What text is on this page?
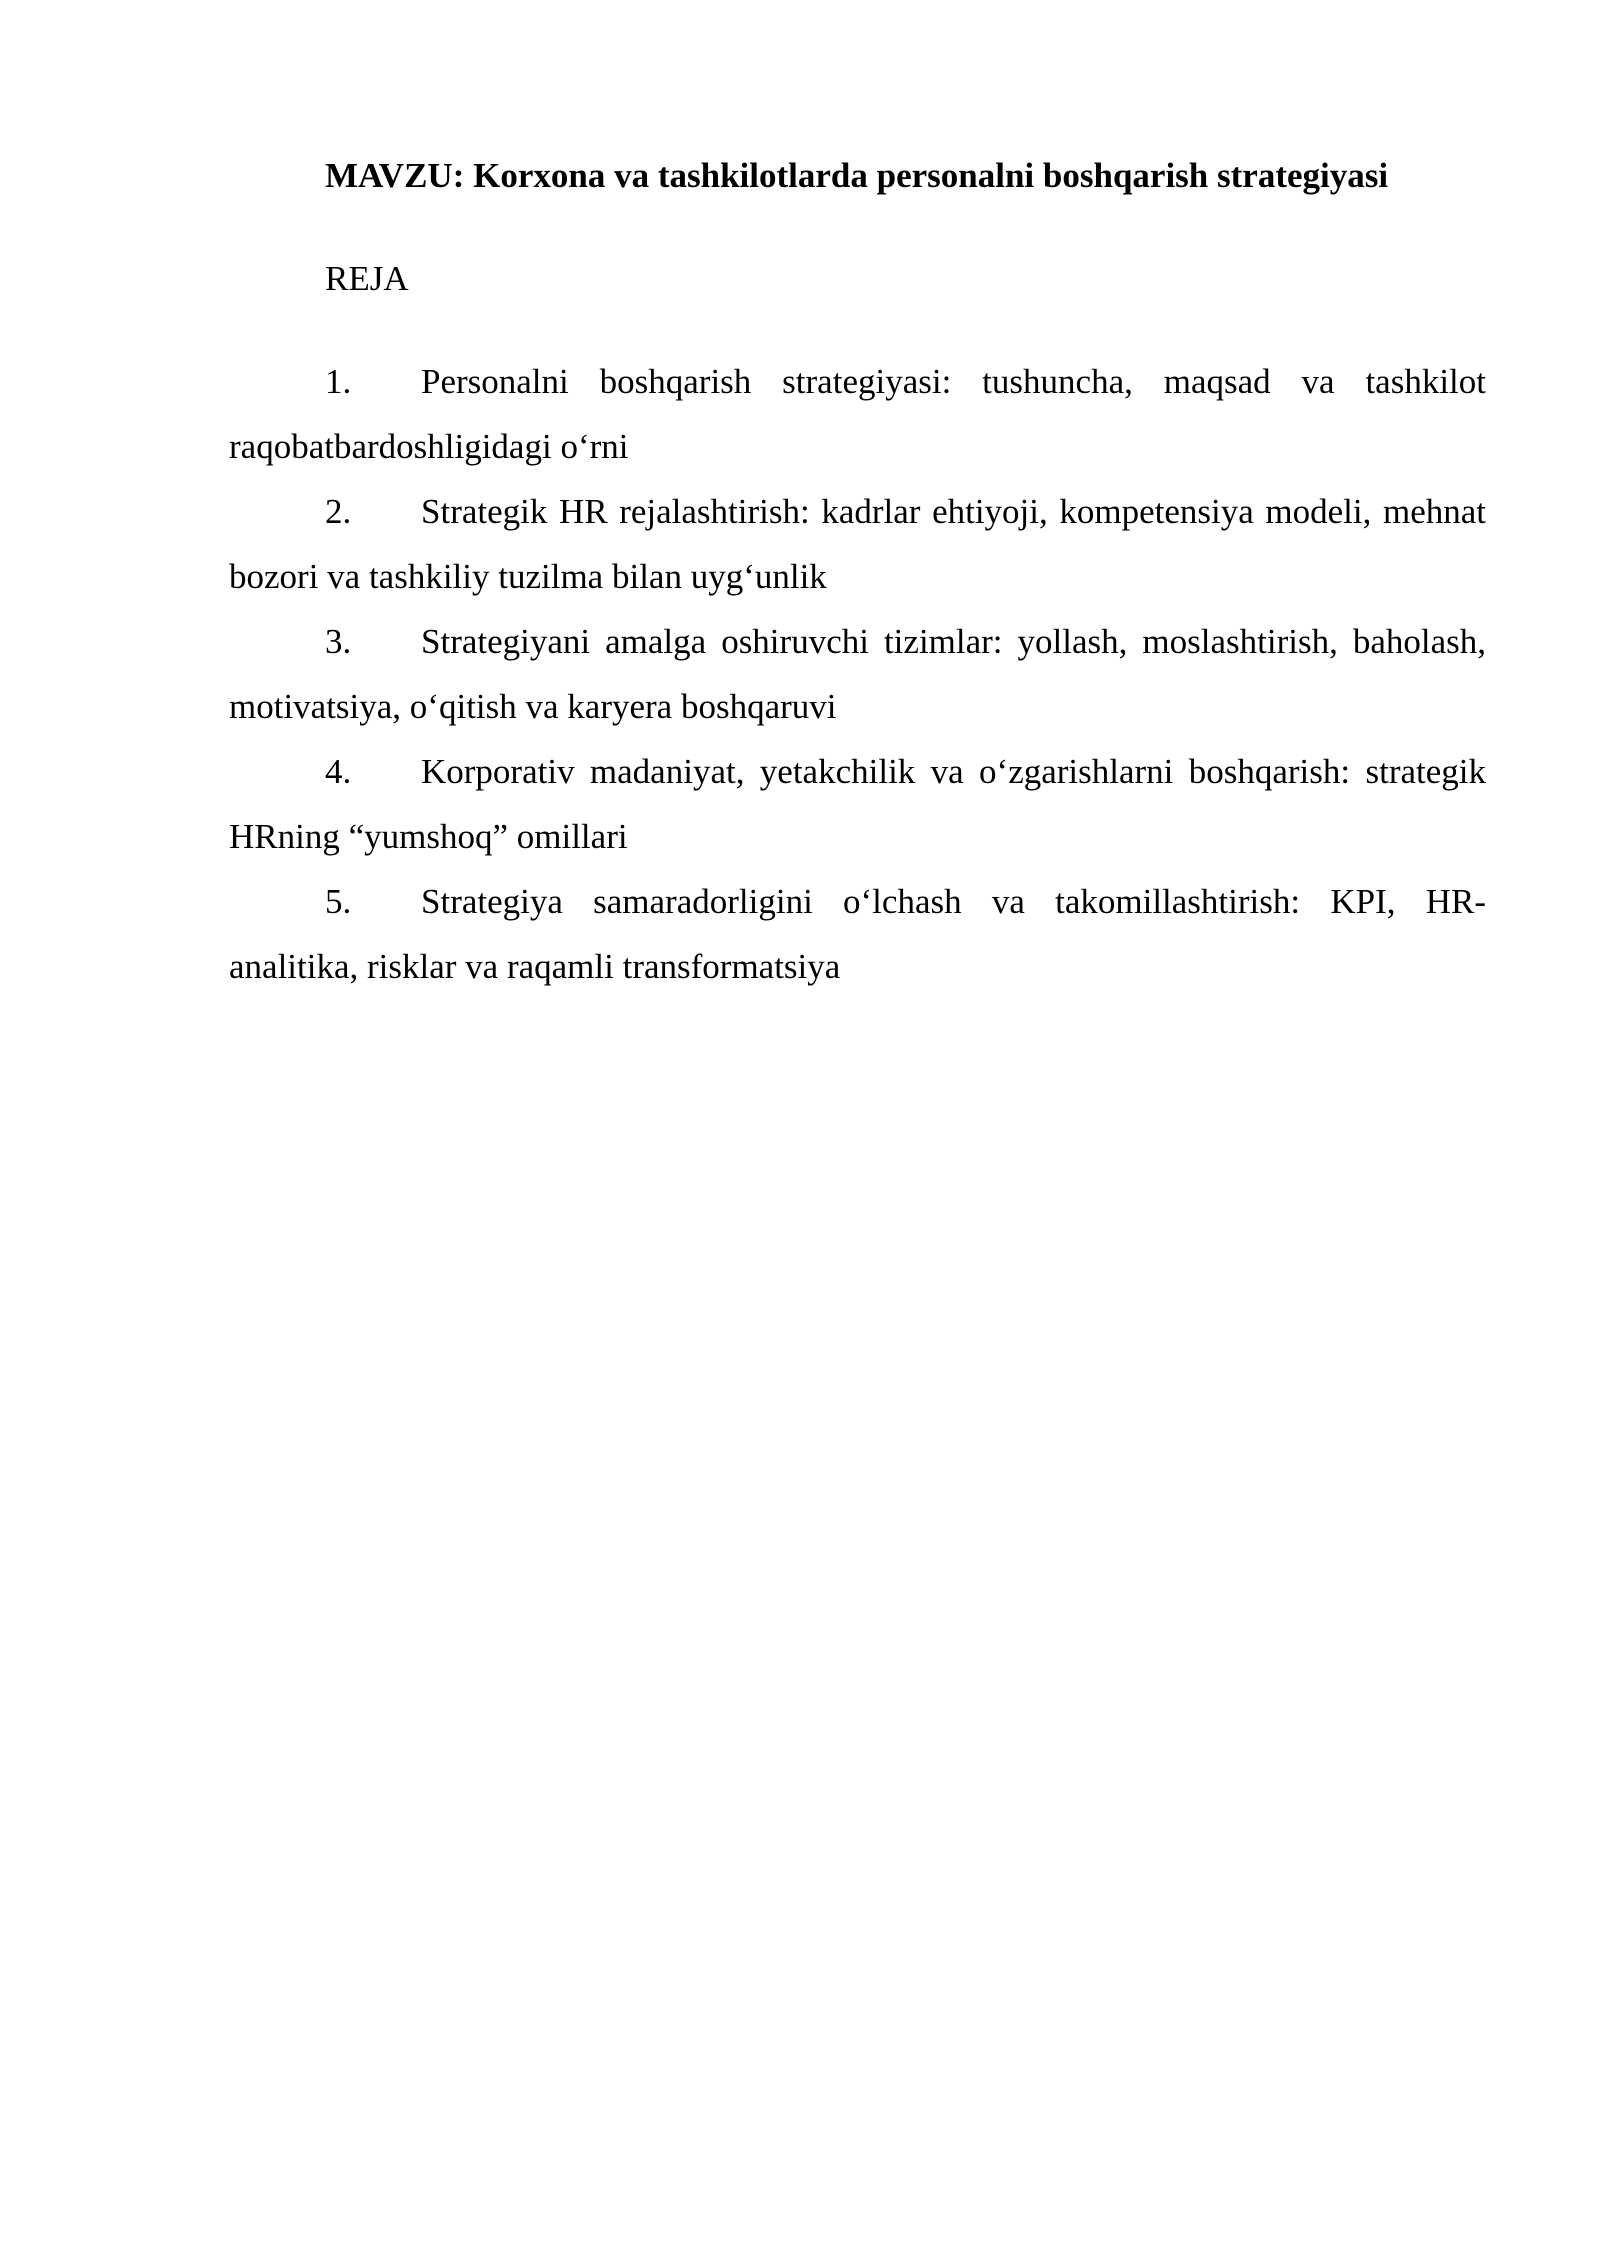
MAVZU: Korxona va tashkilotlarda personalni boshqarish strategiyasi

REJA

1. Personalni boshqarish strategiyasi: tushuncha, maqsad va tashkilot raqobatbardoshligidagi o‘rni
2. Strategik HR rejalashtirish: kadrlar ehtiyoji, kompetensiya modeli, mehnat bozori va tashkiliy tuzilma bilan uyg‘unlik
3. Strategiyani amalga oshiruvchi tizimlar: yollash, moslashtirish, baholash, motivatsiya, o‘qitish va karyera boshqaruvi
4. Korporativ madaniyat, yetakchilik va o‘zgarishlarni boshqarish: strategik HRning “yumshoq” omillari
5. Strategiya samaradorligini o‘lchash va takomillashtirish: KPI, HR-analitika, risklar va raqamli transformatsiya
